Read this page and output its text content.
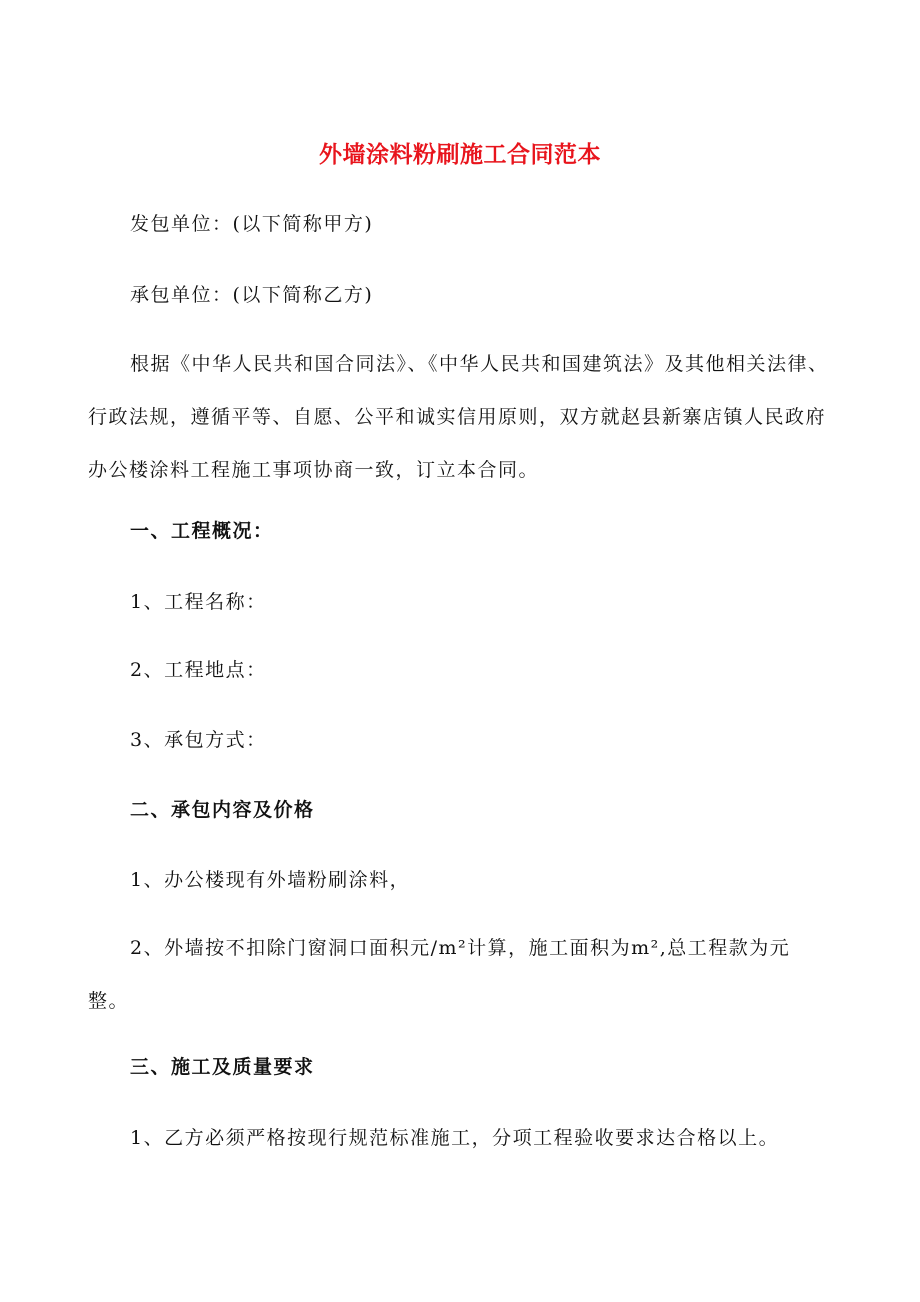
外墙涂料粉刷施工合同范本

发包单位：(以下简称甲方)

承包单位：(以下简称乙方)

根据《中华人民共和国合同法》、《中华人民共和国建筑法》及其他相关法律、行政法规，遵循平等、自愿、公平和诚实信用原则，双方就赵县新寨店镇人民政府办公楼涂料工程施工事项协商一致，订立本合同。

一、工程概况：

1、工程名称：

2、工程地点：

3、承包方式：

二、承包内容及价格

1、办公楼现有外墙粉刷涂料，

2、外墙按不扣除门窗洞口面积元/m²计算，施工面积为m²,总工程款为元整。

三、施工及质量要求

1、乙方必须严格按现行规范标准施工，分项工程验收要求达合格以上。
